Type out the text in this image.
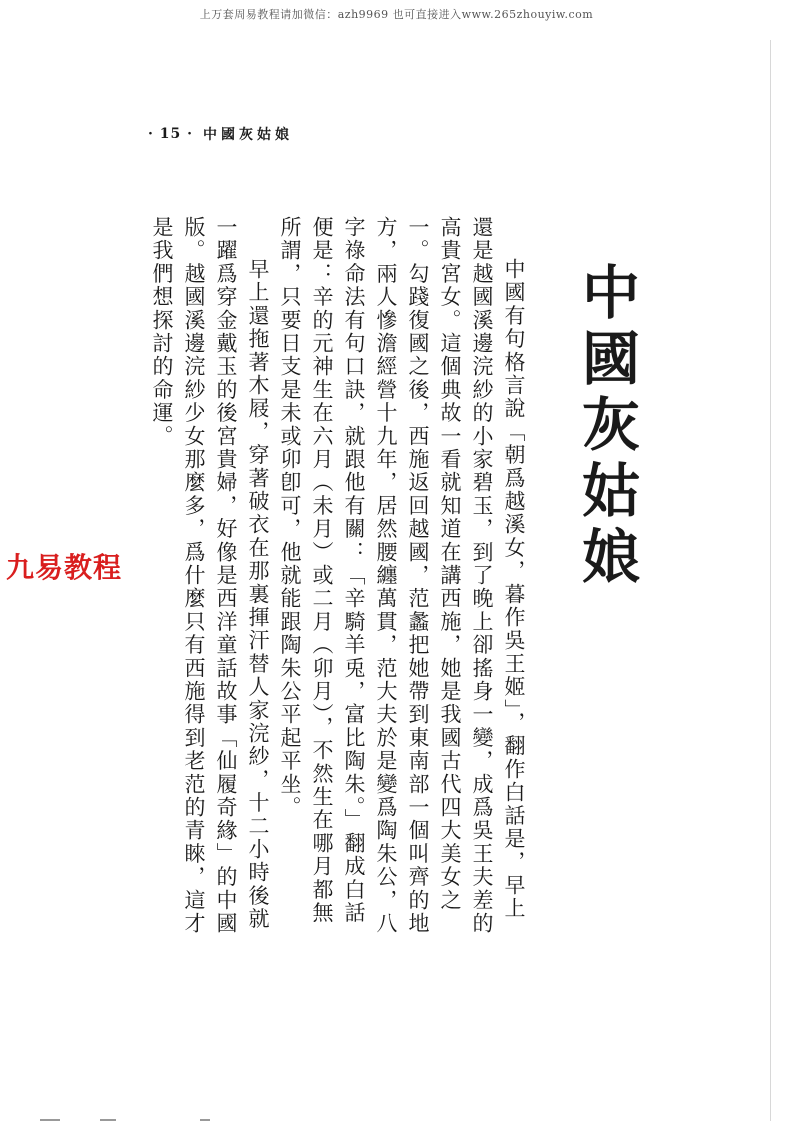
上万套周易教程请加微信：azh9969 也可直接进入www.265zhouyiw.com
· 15 · 中國灰姑娘
中國灰姑娘

中國有句格言說「朝爲越溪女，暮作吳王姬」，翻作白話是，早上還是越國溪邊浣紗的小家碧玉，到了晚上卻搖身一變，成爲吳王夫差的高貴宮女。這個典故一看就知道在講西施，她是我國古代四大美女之一。勾踐復國之後，西施返回越國，范蠡把她帶到東南部一個叫齊的地方，兩人慘澹經營十九年，居然腰纏萬貫，范大夫於是變爲陶朱公，八字祿命法有句口訣，就跟他有關：「辛騎羊兎，富比陶朱。」翻成白話便是：辛的元神生在六月（未月）或二月（卯月），不然生在哪月都無所謂，只要日支是未或卯卽可，他就能跟陶朱公平起平坐。

早上還拖著木屐，穿著破衣在那裏揮汗替人家浣紗，十二小時後就一躍爲穿金戴玉的後宮貴婦，好像是西洋童話故事「仙履奇緣」的中國版。越國溪邊浣紗少女那麼多，爲什麼只有西施得到老范的青睞，這才是我們想探討的命運。

九易教程
